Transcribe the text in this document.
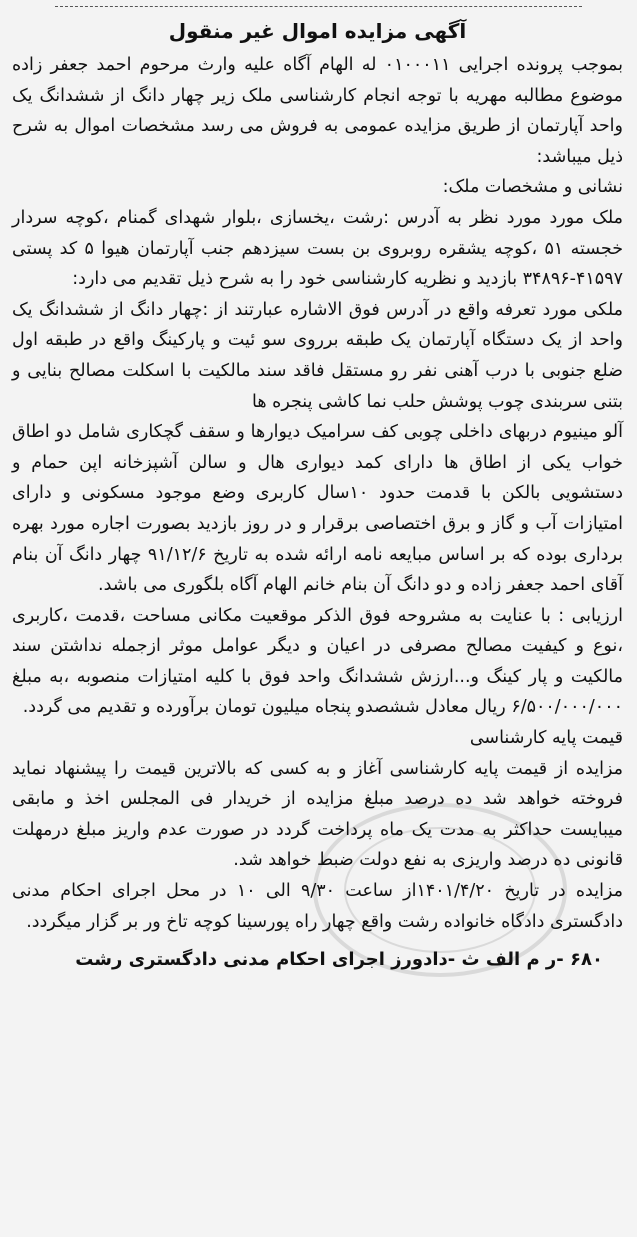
آگهی مزایده اموال غیر منقول

بموجب پرونده اجرایی ۰۱۰۰۰۱۱ له الهام آگاه علیه وارث مرحوم احمد جعفر زاده موضوع مطالبه مهریه با توجه انجام کارشناسی ملک زیر چهار دانگ از ششدانگ یک واحد آپارتمان از طریق مزایده عمومی به فروش می رسد مشخصات اموال به شرح ذیل میباشد:

نشانی و مشخصات ملک:

ملک مورد مورد نظر به آدرس :رشت ،یخسازی ،بلوار شهدای گمنام ،کوچه سردار خجسته ۵۱ ،کوچه یشقره روبروی بن بست سیزدهم جنب آپارتمان هیوا ۵ کد پستی ۴۱۵۹۷-۳۴۸۹۶ بازدید و نظریه کارشناسی خود را به شرح ذیل تقدیم می دارد:

ملکی مورد تعرفه واقع در آدرس فوق الاشاره عبارتند از :چهار دانگ از ششدانگ یک واحد از یک دستگاه آپارتمان یک طبقه برروی سو ئیت و پارکینگ واقع در طبقه اول ضلع جنوبی با درب آهنی نفر رو مستقل فاقد سند مالکیت با اسکلت مصالح بنایی و بتنی سربندی چوب پوشش حلب نما کاشی پنجره ها

آلو مینیوم دربهای داخلی چوبی کف سرامیک دیوارها و سقف گچکاری شامل دو اطاق خواب یکی از اطاق ها دارای کمد دیواری هال و سالن آشپزخانه اپن حمام و دستشویی بالکن با قدمت حدود ۱۰سال کاربری وضع موجود مسکونی و دارای امتیازات آب و گاز و برق اختصاصی برقرار و در روز بازدید بصورت اجاره مورد بهره برداری بوده که بر اساس مبایعه نامه ارائه شده به تاریخ ۹۱/۱۲/۶ چهار دانگ آن بنام آقای احمد جعفر زاده و دو دانگ آن بنام خانم الهام آگاه بلگوری می باشد.

ارزیابی : با عنایت به مشروحه فوق الذکر موقعیت مکانی مساحت ،قدمت ،کاربری ،نوع و کیفیت مصالح مصرفی در اعیان و دیگر عوامل موثر ازجمله نداشتن سند مالکیت و پار کینگ و...ارزش ششدانگ واحد فوق با کلیه امتیازات منصوبه ،به مبلغ ۶/۵۰۰/۰۰۰/۰۰۰ ریال معادل ششصدو پنجاه میلیون تومان برآورده و تقدیم می گردد.

قیمت پایه کارشناسی

مزایده از قیمت پایه کارشناسی آغاز و به کسی که بالاترین قیمت را پیشنهاد نماید فروخته خواهد شد ده درصد مبلغ مزایده از خریدار فی المجلس اخذ و مابقی میبایست حداکثر به مدت یک ماه پرداخت گردد در صورت عدم واریز مبلغ درمهلت قانونی ده درصد واریزی به نفع دولت ضبط خواهد شد.

مزایده در تاریخ ۱۴۰۱/۴/۲۰از ساعت ۹/۳۰ الی ۱۰ در محل اجرای احکام مدنی دادگستری دادگاه خانواده رشت واقع چهار راه پورسینا کوچه تاخ ور بر گزار میگردد.

۶۸۰ -ر م الف ث -دادورز اجرای احکام مدنی دادگستری رشت
